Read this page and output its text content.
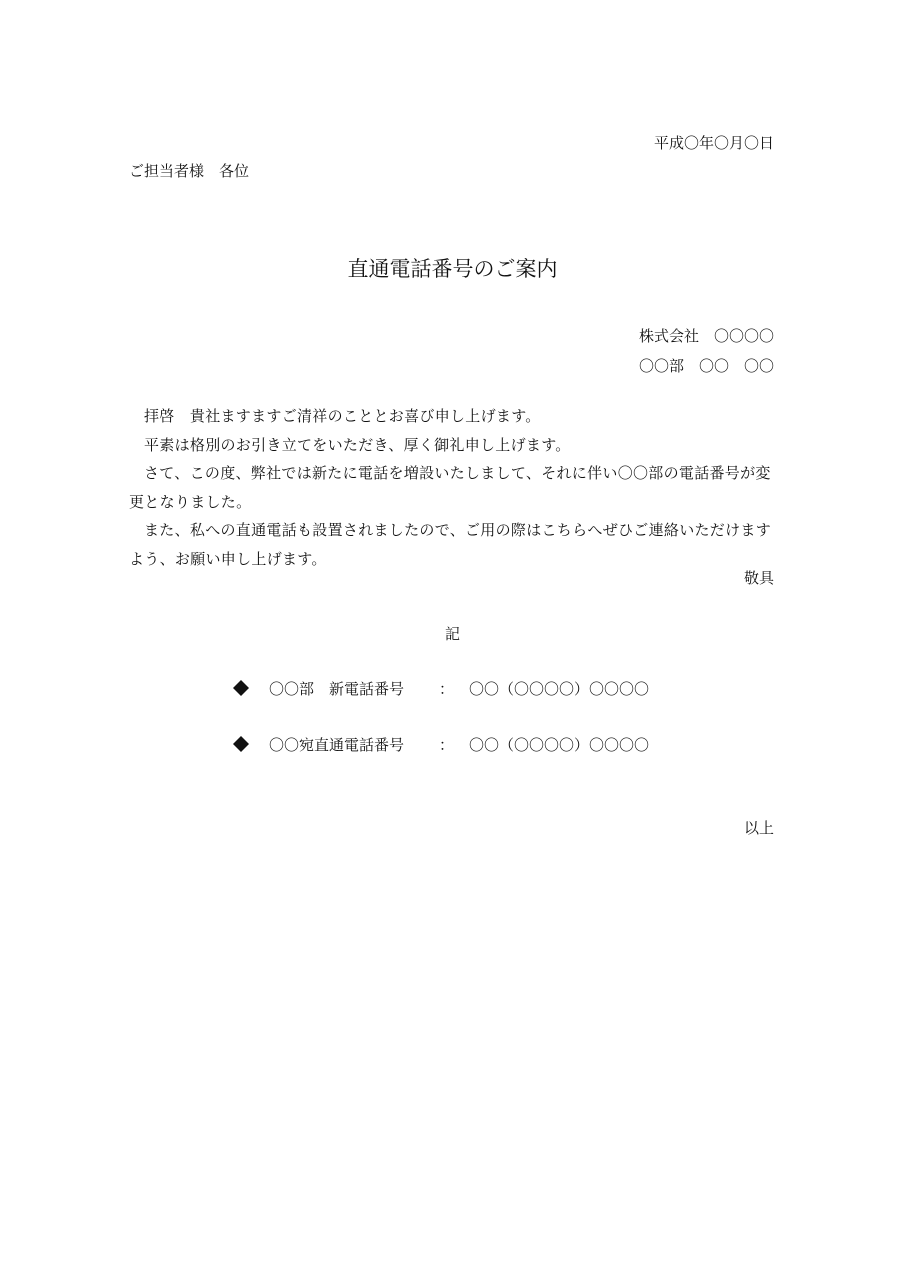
平成〇年〇月〇日
ご担当者様　各位
直通電話番号のご案内
株式会社　〇〇〇〇
〇〇部　〇〇　〇〇

拝啓　貴社ますますご清祥のこととお喜び申し上げます。

平素は格別のお引き立てをいただき、厚く御礼申し上げます。

さて、この度、弊社では新たに電話を増設いたしまして、それに伴い〇〇部の電話番号が変更となりました。

また、私への直通電話も設置されましたので、ご用の際はこちらへぜひご連絡いただけますよう、お願い申し上げます。

敬具
記
〇〇部　新電話番号 ： 〇〇（〇〇〇〇）〇〇〇〇
〇〇宛直通電話番号 ： 〇〇（〇〇〇〇）〇〇〇〇
以上
